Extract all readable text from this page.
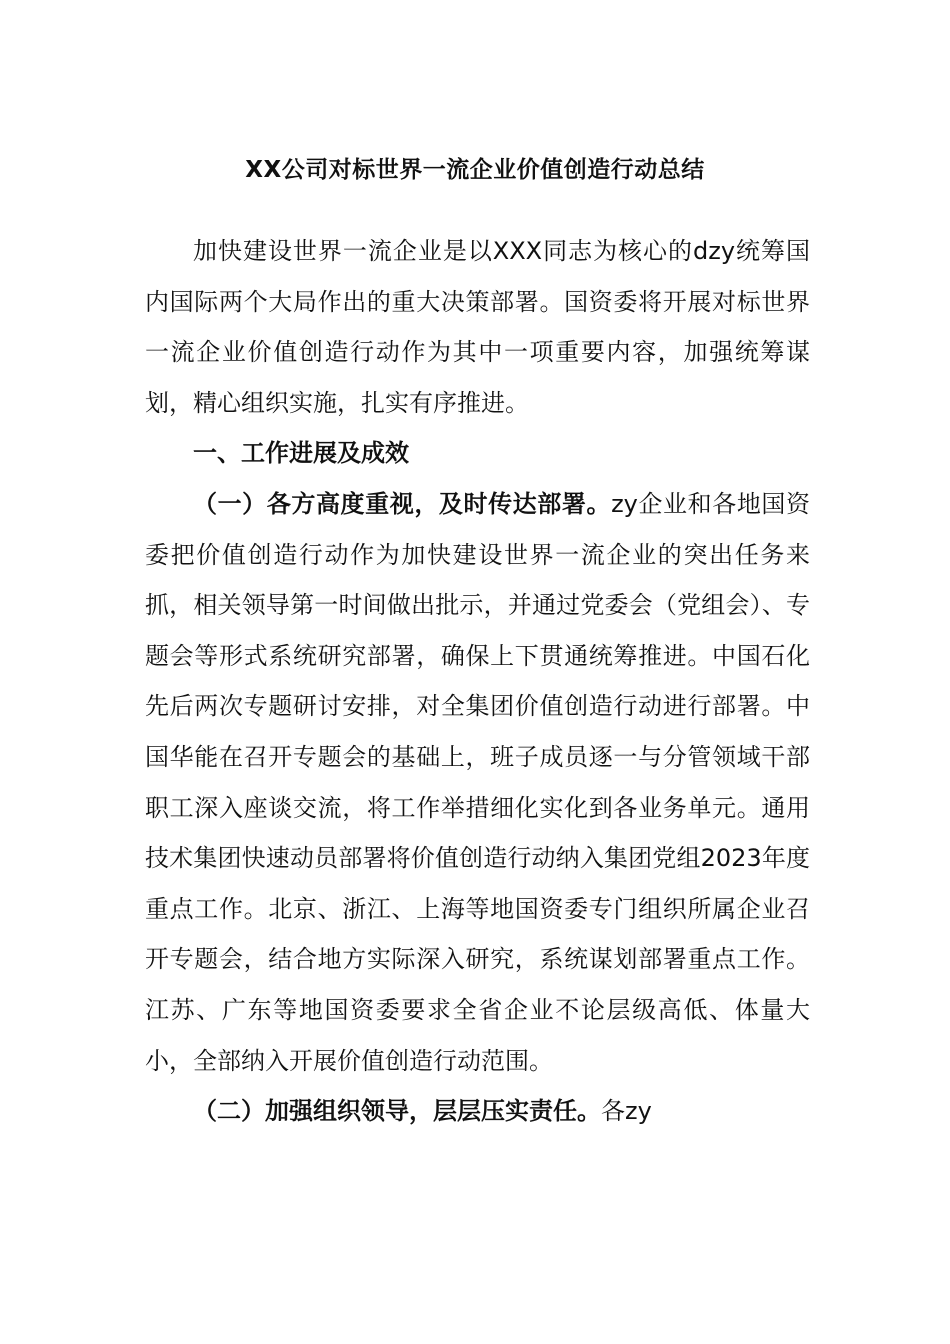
XX公司对标世界一流企业价值创造行动总结

加快建设世界一流企业是以XXX同志为核心的dzy统筹国内国际两个大局作出的重大决策部署。国资委将开展对标世界一流企业价值创造行动作为其中一项重要内容，加强统筹谋划，精心组织实施，扎实有序推进。

一、工作进展及成效

（一）各方高度重视，及时传达部署。zy企业和各地国资委把价值创造行动作为加快建设世界一流企业的突出任务来抓，相关领导第一时间做出批示，并通过党委会（党组会）、专题会等形式系统研究部署，确保上下贯通统筹推进。中国石化先后两次专题研讨安排，对全集团价值创造行动进行部署。中国华能在召开专题会的基础上，班子成员逐一与分管领域干部职工深入座谈交流，将工作举措细化实化到各业务单元。通用技术集团快速动员部署将价值创造行动纳入集团党组2023年度重点工作。北京、浙江、上海等地国资委专门组织所属企业召开专题会，结合地方实际深入研究，系统谋划部署重点工作。江苏、广东等地国资委要求全省企业不论层级高低、体量大小，全部纳入开展价值创造行动范围。

（二）加强组织领导，层层压实责任。各zy
